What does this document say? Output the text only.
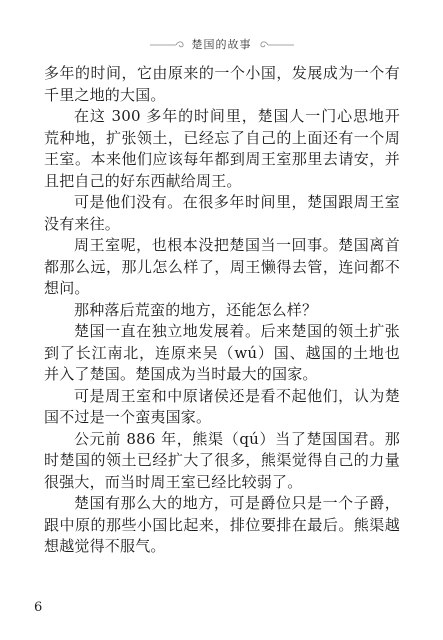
楚国的故事

多年的时间，它由原来的一个小国，发展成为一个有千里之地的大国。

在这 300 多年的时间里，楚国人一门心思地开荒种地，扩张领土，已经忘了自己的上面还有一个周王室。本来他们应该每年都到周王室那里去请安，并且把自己的好东西献给周王。

可是他们没有。在很多年时间里，楚国跟周王室没有来往。

周王室呢，也根本没把楚国当一回事。楚国离首都那么远，那儿怎么样了，周王懒得去管，连问都不想问。

那种落后荒蛮的地方，还能怎么样？

楚国一直在独立地发展着。后来楚国的领土扩张到了长江南北，连原来吴（wú）国、越国的土地也并入了楚国。楚国成为当时最大的国家。

可是周王室和中原诸侯还是看不起他们，认为楚国不过是一个蛮夷国家。

公元前 886 年，熊渠（qú）当了楚国国君。那时楚国的领土已经扩大了很多，熊渠觉得自己的力量很强大，而当时周王室已经比较弱了。

楚国有那么大的地方，可是爵位只是一个子爵，跟中原的那些小国比起来，排位要排在最后。熊渠越想越觉得不服气。

6
